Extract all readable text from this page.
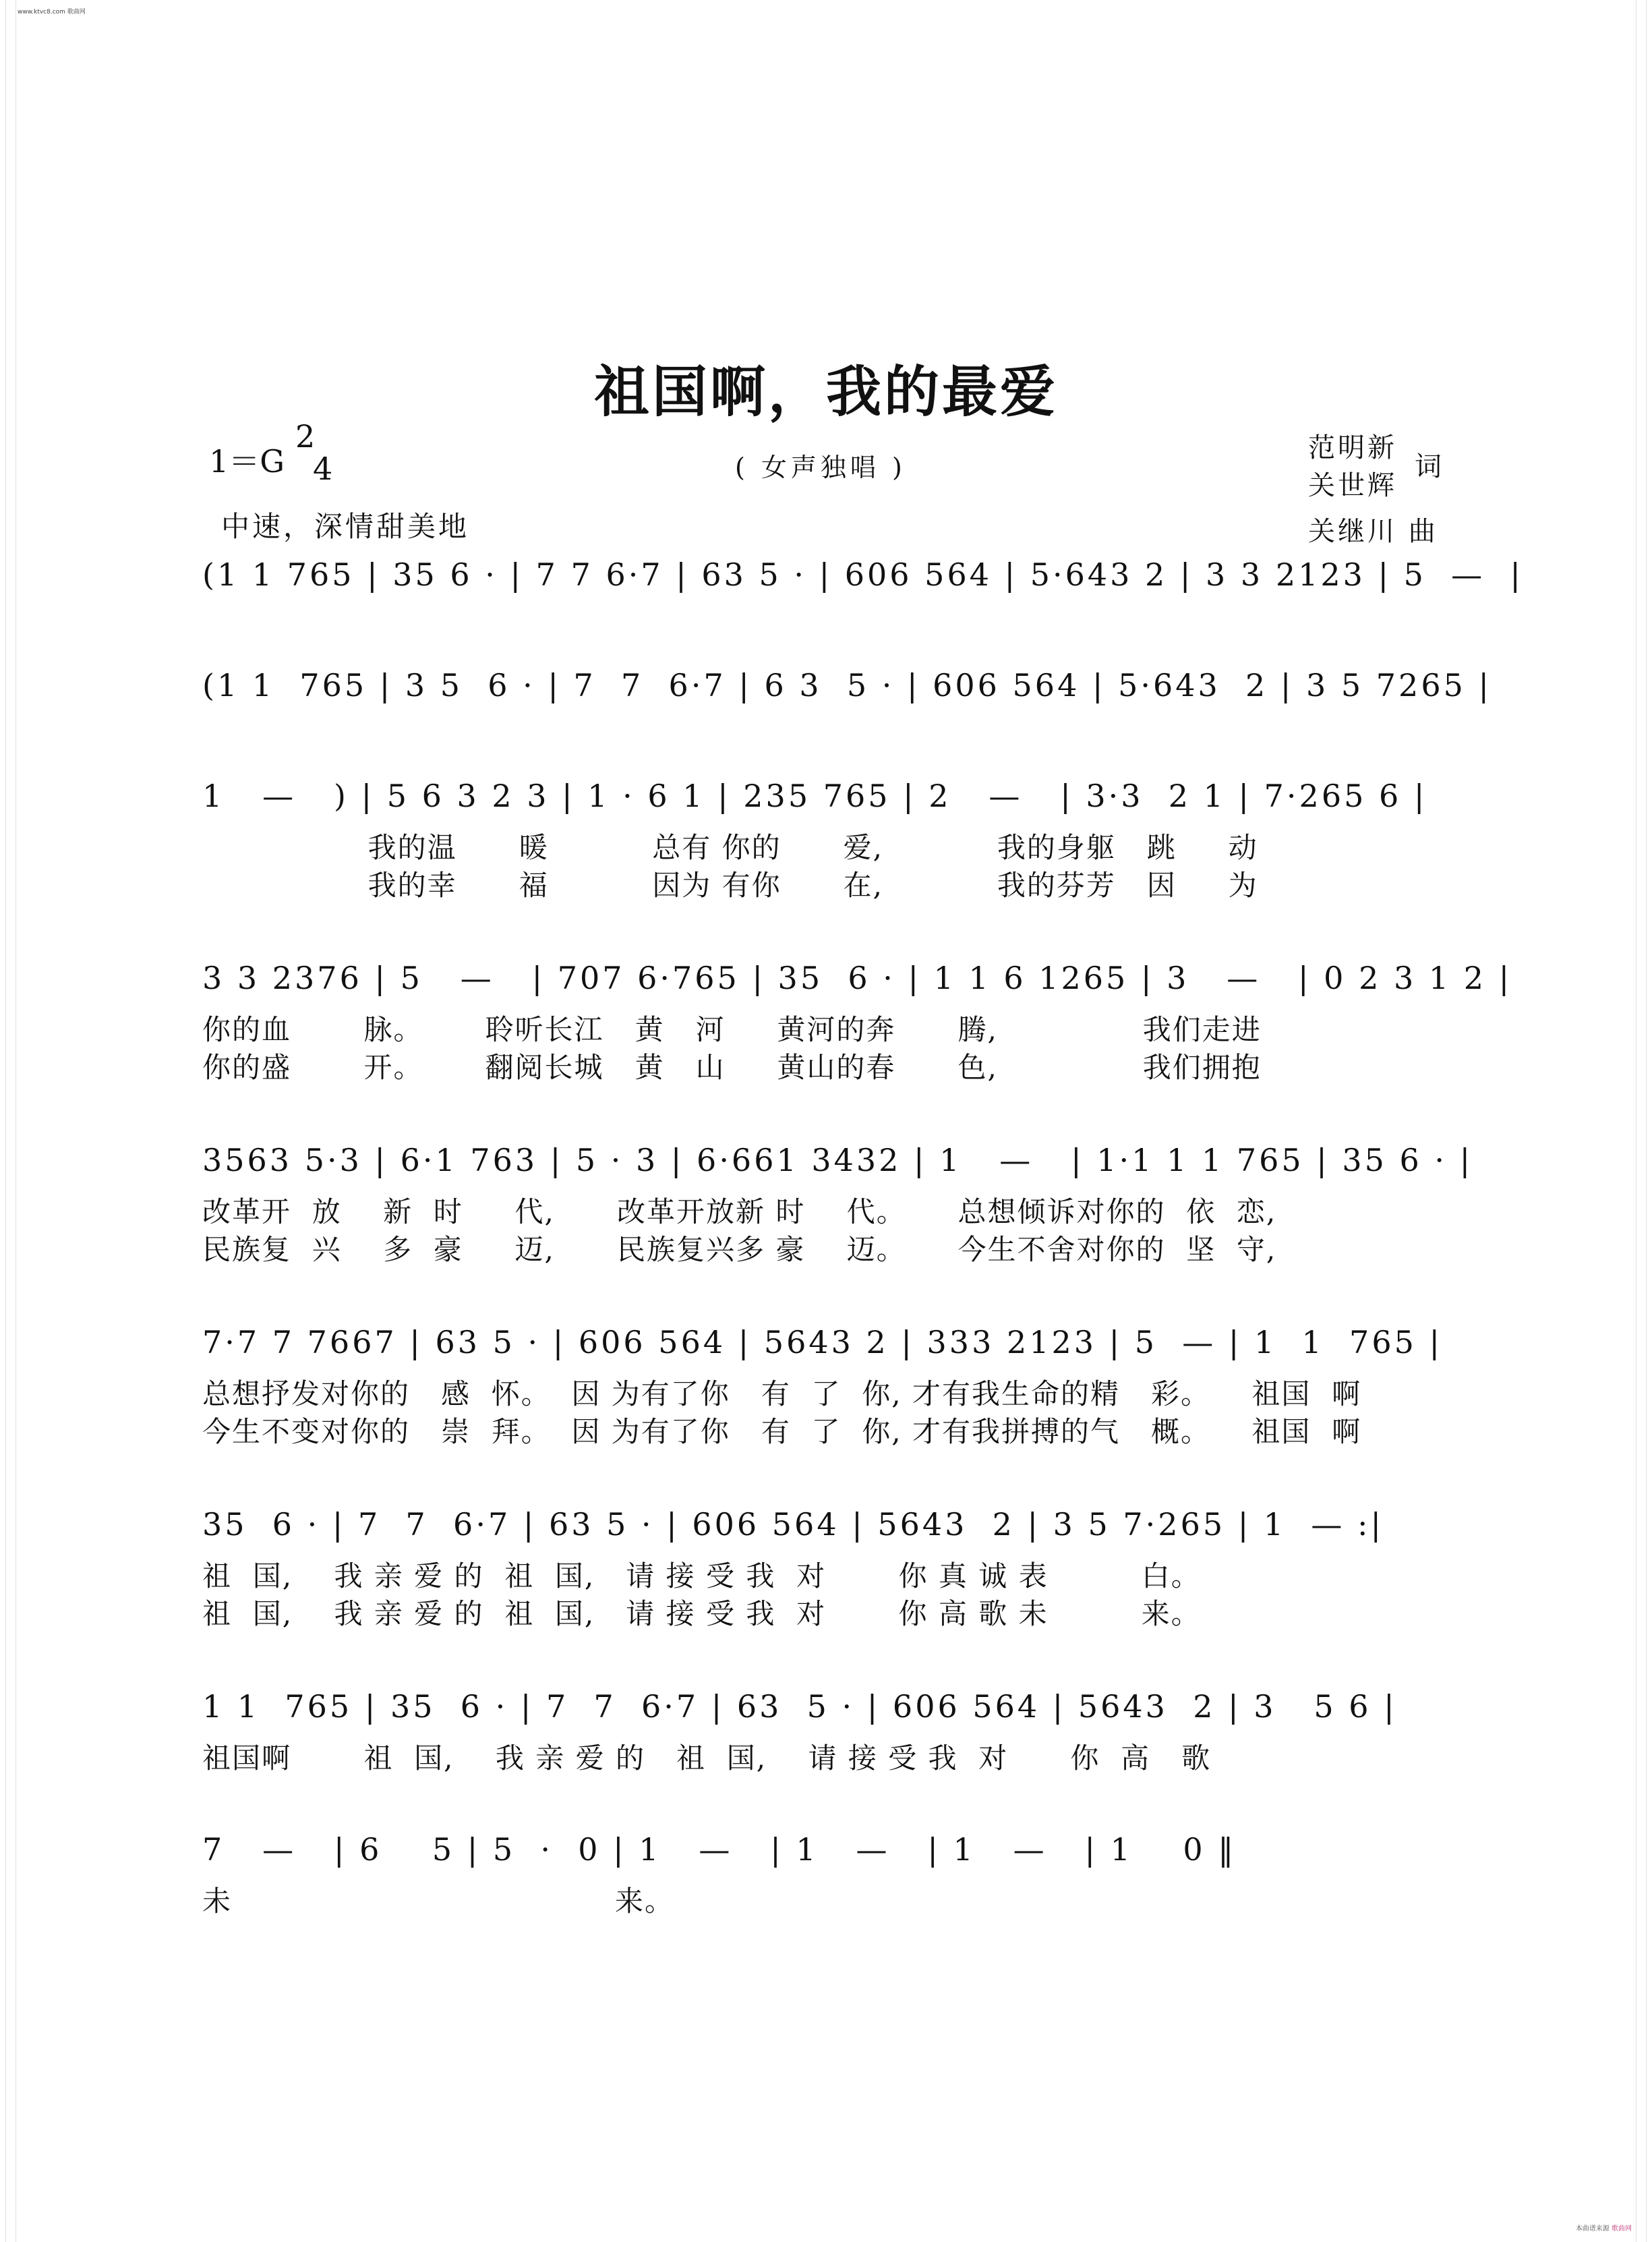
www.ktvc8.com 歌曲网
祖国啊，我的最爱
1＝G
2
4	( 女声独唱 )
中速，深情甜美地
范明新
关世辉
词
关继川 曲
(1 1 765 | 35 6 · | 7 7 6·7 | 63 5 · | 606 564 | 5·643 2 | 3 3 2123 | 5  —  |
(1 1  765 | 3 5  6 · | 7  7  6·7 | 6 3  5 · | 606 564 | 5·643  2 | 3 5 7265 |
1   —   ) | 5 6 3 2 3 | 1 · 6 1 | 235 765 | 2   —   | 3·3  2 1 | 7·265 6 |
我的温      暖          总有 你的      爱,           我的身躯   跳     动
我的幸      福          因为 有你      在,           我的芬芳   因     为
3 3 2376 | 5   —   | 707 6·765 | 35  6 · | 1 1 6 1265 | 3   —   | 0 2 3 1 2 |
你的血       脉。      聆听长江   黄   河     黄河的奔      腾,              我们走进
你的盛       开。      翻阅长城   黄   山     黄山的春      色,              我们拥抱
3563 5·3 | 6·1 763 | 5 · 3 | 6·661 3432 | 1   —   | 1·1 1 1 765 | 35 6 · |
改革开  放    新  时     代,      改革开放新 时    代。     总想倾诉对你的  依  恋,
民族复  兴    多  豪     迈,      民族复兴多 豪    迈。     今生不舍对你的  坚  守,
7·7 7 7667 | 63 5 · | 606 564 | 5643 2 | 333 2123 | 5  — | 1  1  765 |
总想抒发对你的   感  怀。  因 为有了你   有  了  你, 才有我生命的精   彩。    祖国  啊
今生不变对你的   崇  拜。  因 为有了你   有  了  你, 才有我拼搏的气   概。    祖国  啊
35  6 · | 7  7  6·7 | 63 5 · | 606 564 | 5643  2 | 3 5 7·265 | 1  — :|
祖  国,    我 亲 爱 的  祖  国,   请 接 受 我  对       你 真 诚 表         白。
祖  国,    我 亲 爱 的  祖  国,   请 接 受 我  对       你 高 歌 未         来。
1 1  765 | 35  6 · | 7  7  6·7 | 63  5 · | 606 564 | 5643  2 | 3   5 6 |
祖国啊       祖  国,    我 亲 爱 的   祖  国,    请 接 受 我  对      你  高   歌
7   —   | 6    5 | 5  ·  0 | 1   —   | 1   —   | 1   —   | 1    0 ‖
未                                     来。
本曲谱来源 歌曲网
